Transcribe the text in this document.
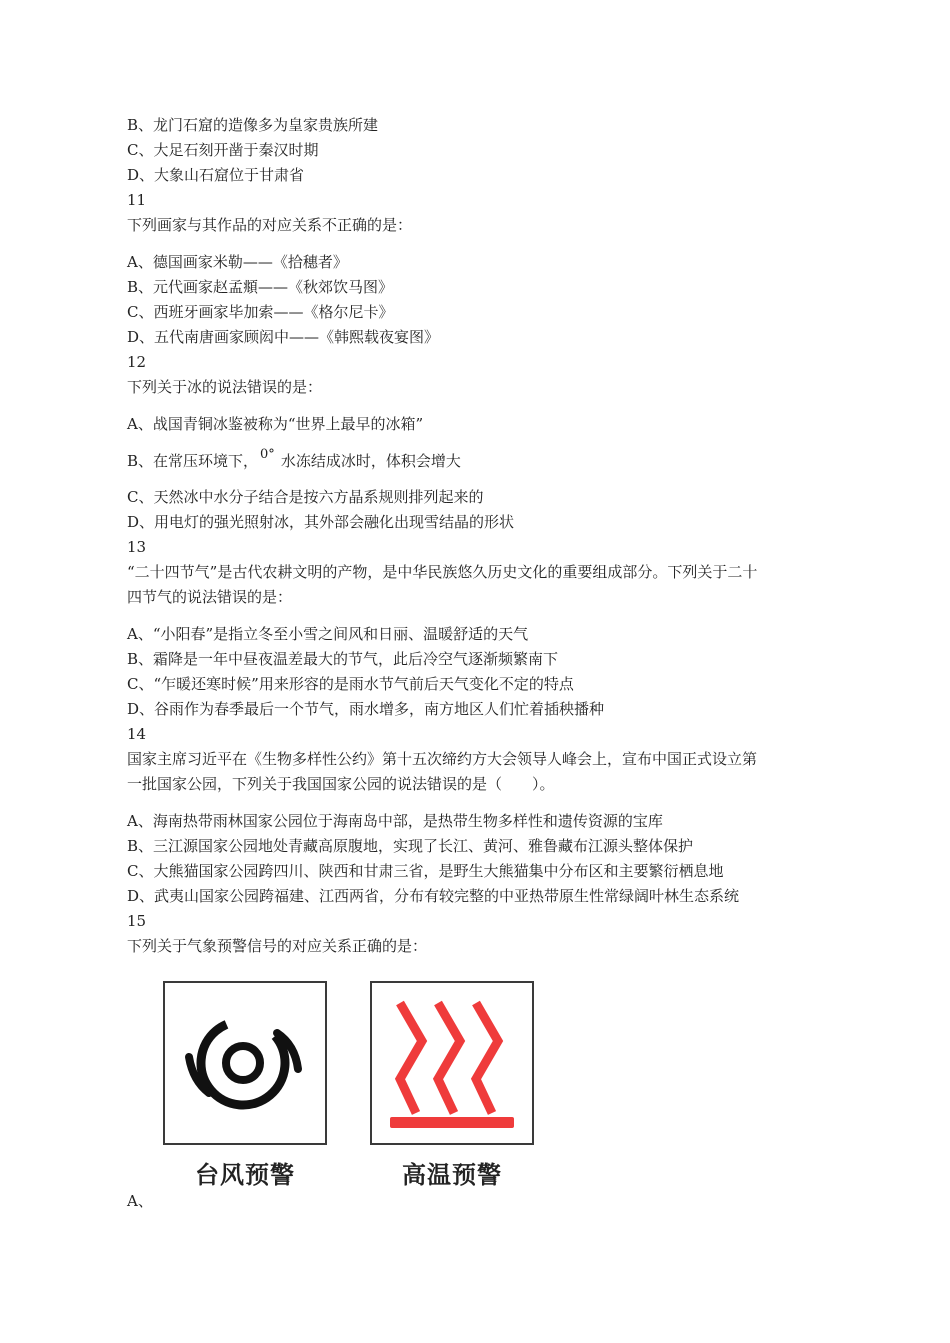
B、龙门石窟的造像多为皇家贵族所建
C、大足石刻开凿于秦汉时期
D、大象山石窟位于甘肃省
11
下列画家与其作品的对应关系不正确的是：
A、德国画家米勒——《拾穗者》
B、元代画家赵孟頫——《秋郊饮马图》
C、西班牙画家毕加索——《格尔尼卡》
D、五代南唐画家顾闳中——《韩熙载夜宴图》
12
下列关于冰的说法错误的是：
A、战国青铜冰鉴被称为“世界上最早的冰箱”
B、在常压环境下， 0° 水冻结成冰时，体积会增大
C、天然冰中水分子结合是按六方晶系规则排列起来的
D、用电灯的强光照射冰，其外部会融化出现雪结晶的形状
13
“二十四节气”是古代农耕文明的产物，是中华民族悠久历史文化的重要组成部分。下列关于二十
四节气的说法错误的是：
A、“小阳春”是指立冬至小雪之间风和日丽、温暖舒适的天气
B、霜降是一年中昼夜温差最大的节气，此后冷空气逐渐频繁南下
C、“乍暖还寒时候”用来形容的是雨水节气前后天气变化不定的特点
D、谷雨作为春季最后一个节气，雨水增多，南方地区人们忙着插秧播种
14
国家主席习近平在《生物多样性公约》第十五次缔约方大会领导人峰会上，宣布中国正式设立第
一批国家公园，下列关于我国国家公园的说法错误的是（　　）。
A、海南热带雨林国家公园位于海南岛中部，是热带生物多样性和遗传资源的宝库
B、三江源国家公园地处青藏高原腹地，实现了长江、黄河、雅鲁藏布江源头整体保护
C、大熊猫国家公园跨四川、陕西和甘肃三省，是野生大熊猫集中分布区和主要繁衍栖息地
D、武夷山国家公园跨福建、江西两省，分布有较完整的中亚热带原生性常绿阔叶林生态系统
15
下列关于气象预警信号的对应关系正确的是：
台风预警	高温预警
A、
